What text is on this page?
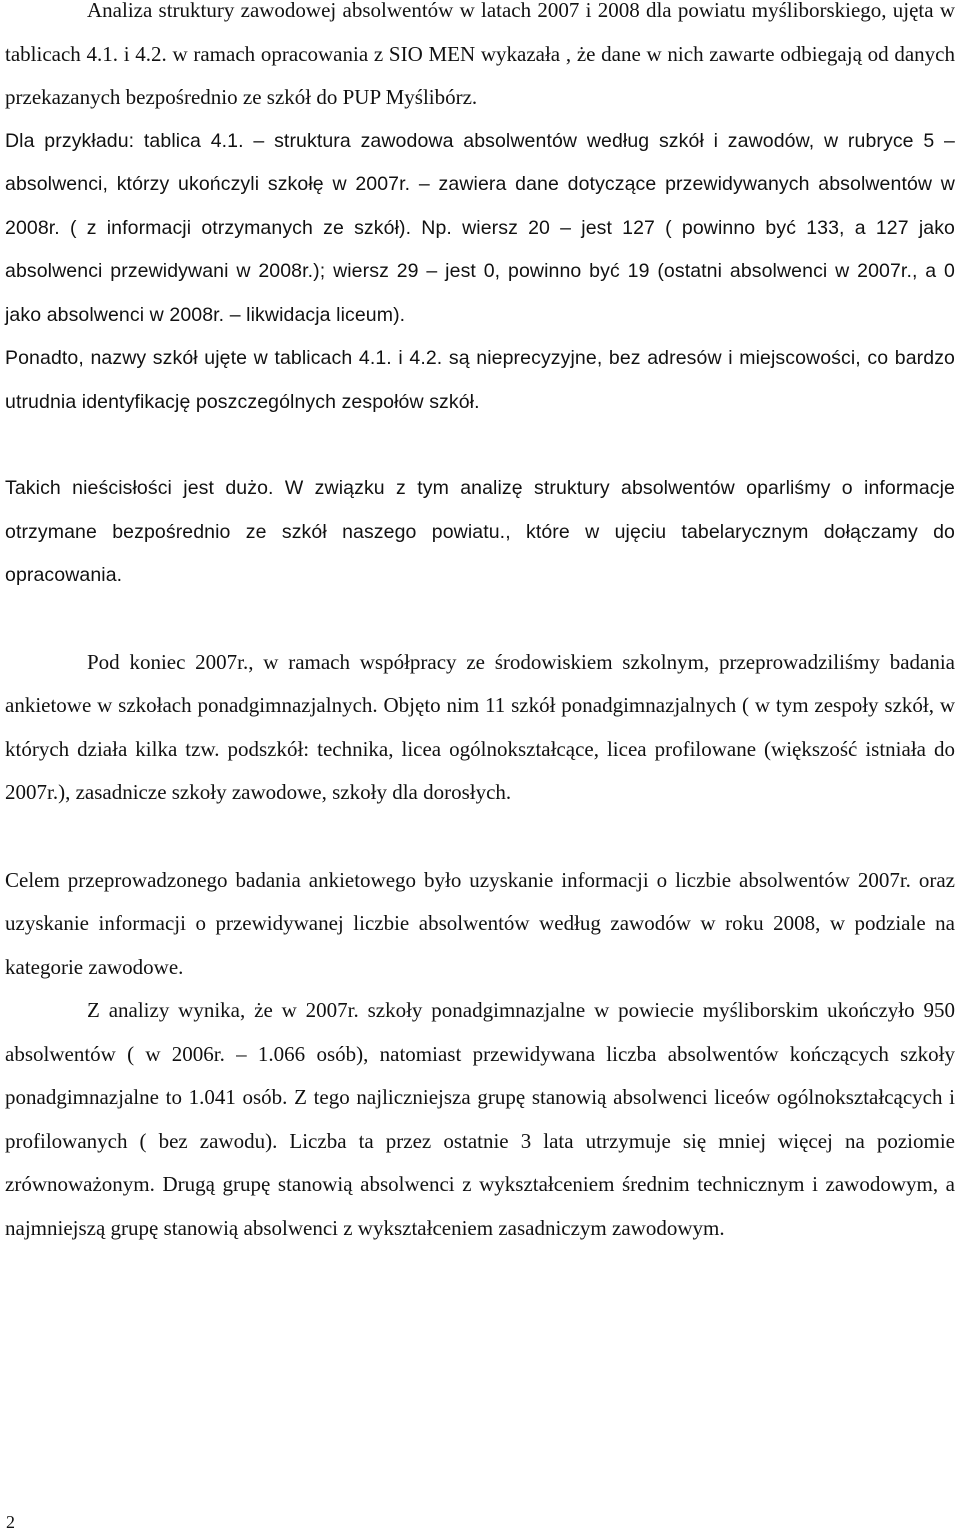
Analiza struktury zawodowej absolwentów w latach 2007 i 2008 dla powiatu myśliborskiego, ujęta w tablicach 4.1. i 4.2. w ramach opracowania z SIO MEN wykazała , że dane w nich zawarte odbiegają od danych przekazanych bezpośrednio ze szkół do PUP Myślibórz.

Dla przykładu: tablica 4.1. – struktura zawodowa absolwentów według szkół i zawodów, w rubryce 5 – absolwenci, którzy ukończyli szkołę w 2007r. – zawiera dane dotyczące przewidywanych absolwentów w 2008r. ( z informacji otrzymanych ze szkół). Np. wiersz 20 – jest 127 ( powinno być 133, a 127 jako absolwenci przewidywani w 2008r.); wiersz 29 – jest 0, powinno być 19 (ostatni absolwenci w 2007r., a 0 jako absolwenci w 2008r. – likwidacja liceum).

Ponadto, nazwy szkół ujęte w tablicach 4.1. i 4.2. są nieprecyzyjne, bez adresów i miejscowości, co bardzo utrudnia identyfikację poszczególnych zespołów szkół.

Takich nieścisłości jest dużo. W związku z tym analizę struktury absolwentów oparliśmy o informacje otrzymane bezpośrednio ze szkół naszego powiatu., które w ujęciu tabelarycznym dołączamy do opracowania.

Pod koniec 2007r., w ramach współpracy ze środowiskiem szkolnym, przeprowadziliśmy badania ankietowe w szkołach ponadgimnazjalnych. Objęto nim 11 szkół ponadgimnazjalnych ( w tym zespoły szkół, w których działa kilka tzw. podszkół: technika, licea ogólnokształcące, licea profilowane (większość istniała do 2007r.), zasadnicze szkoły zawodowe, szkoły dla dorosłych.

Celem przeprowadzonego badania ankietowego było uzyskanie informacji o liczbie absolwentów 2007r. oraz uzyskanie informacji o przewidywanej liczbie absolwentów według zawodów w roku 2008, w podziale na kategorie zawodowe.

Z analizy wynika, że w 2007r. szkoły ponadgimnazjalne w powiecie myśliborskim ukończyło 950 absolwentów ( w 2006r. – 1.066 osób), natomiast przewidywana liczba absolwentów kończących szkoły ponadgimnazjalne to 1.041 osób. Z tego najliczniejsza grupę stanowią absolwenci liceów ogólnokształcących i profilowanych ( bez zawodu). Liczba ta przez ostatnie 3 lata utrzymuje się mniej więcej na poziomie zrównoważonym. Drugą grupę stanowią absolwenci z wykształceniem średnim technicznym i zawodowym, a najmniejszą grupę stanowią absolwenci z wykształceniem zasadniczym zawodowym.

2
